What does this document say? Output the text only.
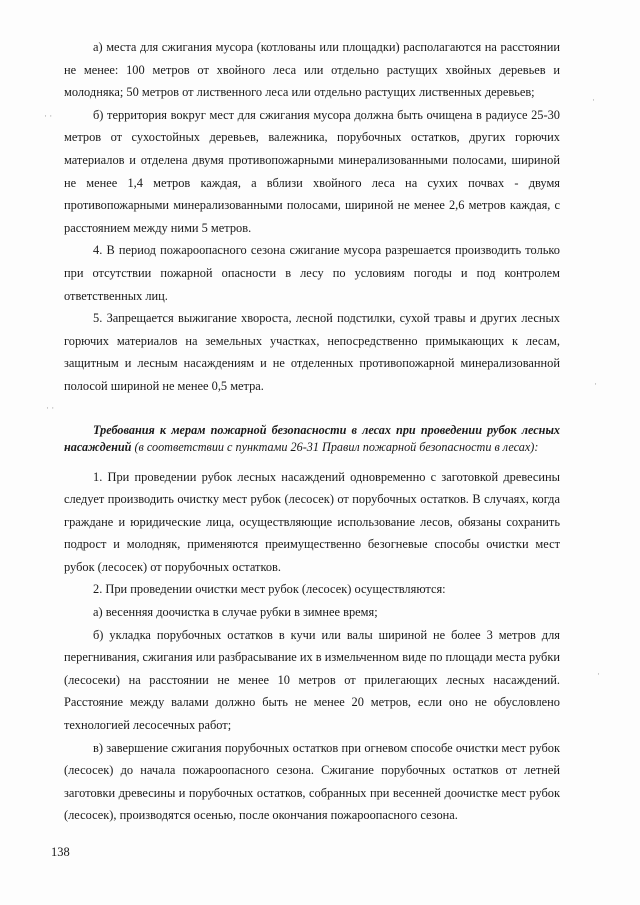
а) места для сжигания мусора (котлованы или площадки) располагаются на расстоянии не менее: 100 метров от хвойного леса или отдельно растущих хвойных деревьев и молодняка; 50 метров от лиственного леса или отдельно растущих лиственных деревьев;

б) территория вокруг мест для сжигания мусора должна быть очищена в радиусе 25-30 метров от сухостойных деревьев, валежника, порубочных остатков, других горючих материалов и отделена двумя противопожарными минерализованными полосами, шириной не менее 1,4 метров каждая, а вблизи хвойного леса на сухих почвах - двумя противопожарными минерализованными полосами, шириной не менее 2,6 метров каждая, с расстоянием между ними 5 метров.

4. В период пожароопасного сезона сжигание мусора разрешается производить только при отсутствии пожарной опасности в лесу по условиям погоды и под контролем ответственных лиц.

5. Запрещается выжигание хвороста, лесной подстилки, сухой травы и других лесных горючих материалов на земельных участках, непосредственно примыкающих к лесам, защитным и лесным насаждениям и не отделенных противопожарной минерализованной полосой шириной не менее 0,5 метра.

Требования к мерам пожарной безопасности в лесах при проведении рубок лесных насаждений (в соответствии с пунктами 26-31 Правил пожарной безопасности в лесах):

1. При проведении рубок лесных насаждений одновременно с заготовкой древесины следует производить очистку мест рубок (лесосек) от порубочных остатков. В случаях, когда граждане и юридические лица, осуществляющие использование лесов, обязаны сохранить подрост и молодняк, применяются преимущественно безогневые способы очистки мест рубок (лесосек) от порубочных остатков.

2. При проведении очистки мест рубок (лесосек) осуществляются:

а) весенняя доочистка в случае рубки в зимнее время;

б) укладка порубочных остатков в кучи или валы шириной не более 3 метров для перегнивания, сжигания или разбрасывание их в измельченном виде по площади места рубки (лесосеки) на расстоянии не менее 10 метров от прилегающих лесных насаждений. Расстояние между валами должно быть не менее 20 метров, если оно не обусловлено технологией лесосечных работ;

в) завершение сжигания порубочных остатков при огневом способе очистки мест рубок (лесосек) до начала пожароопасного сезона. Сжигание порубочных остатков от летней заготовки древесины и порубочных остатков, собранных при весенней доочистке мест рубок (лесосек), производятся осенью, после окончания пожароопасного сезона.

138
· ·
· ·
·
·
·
